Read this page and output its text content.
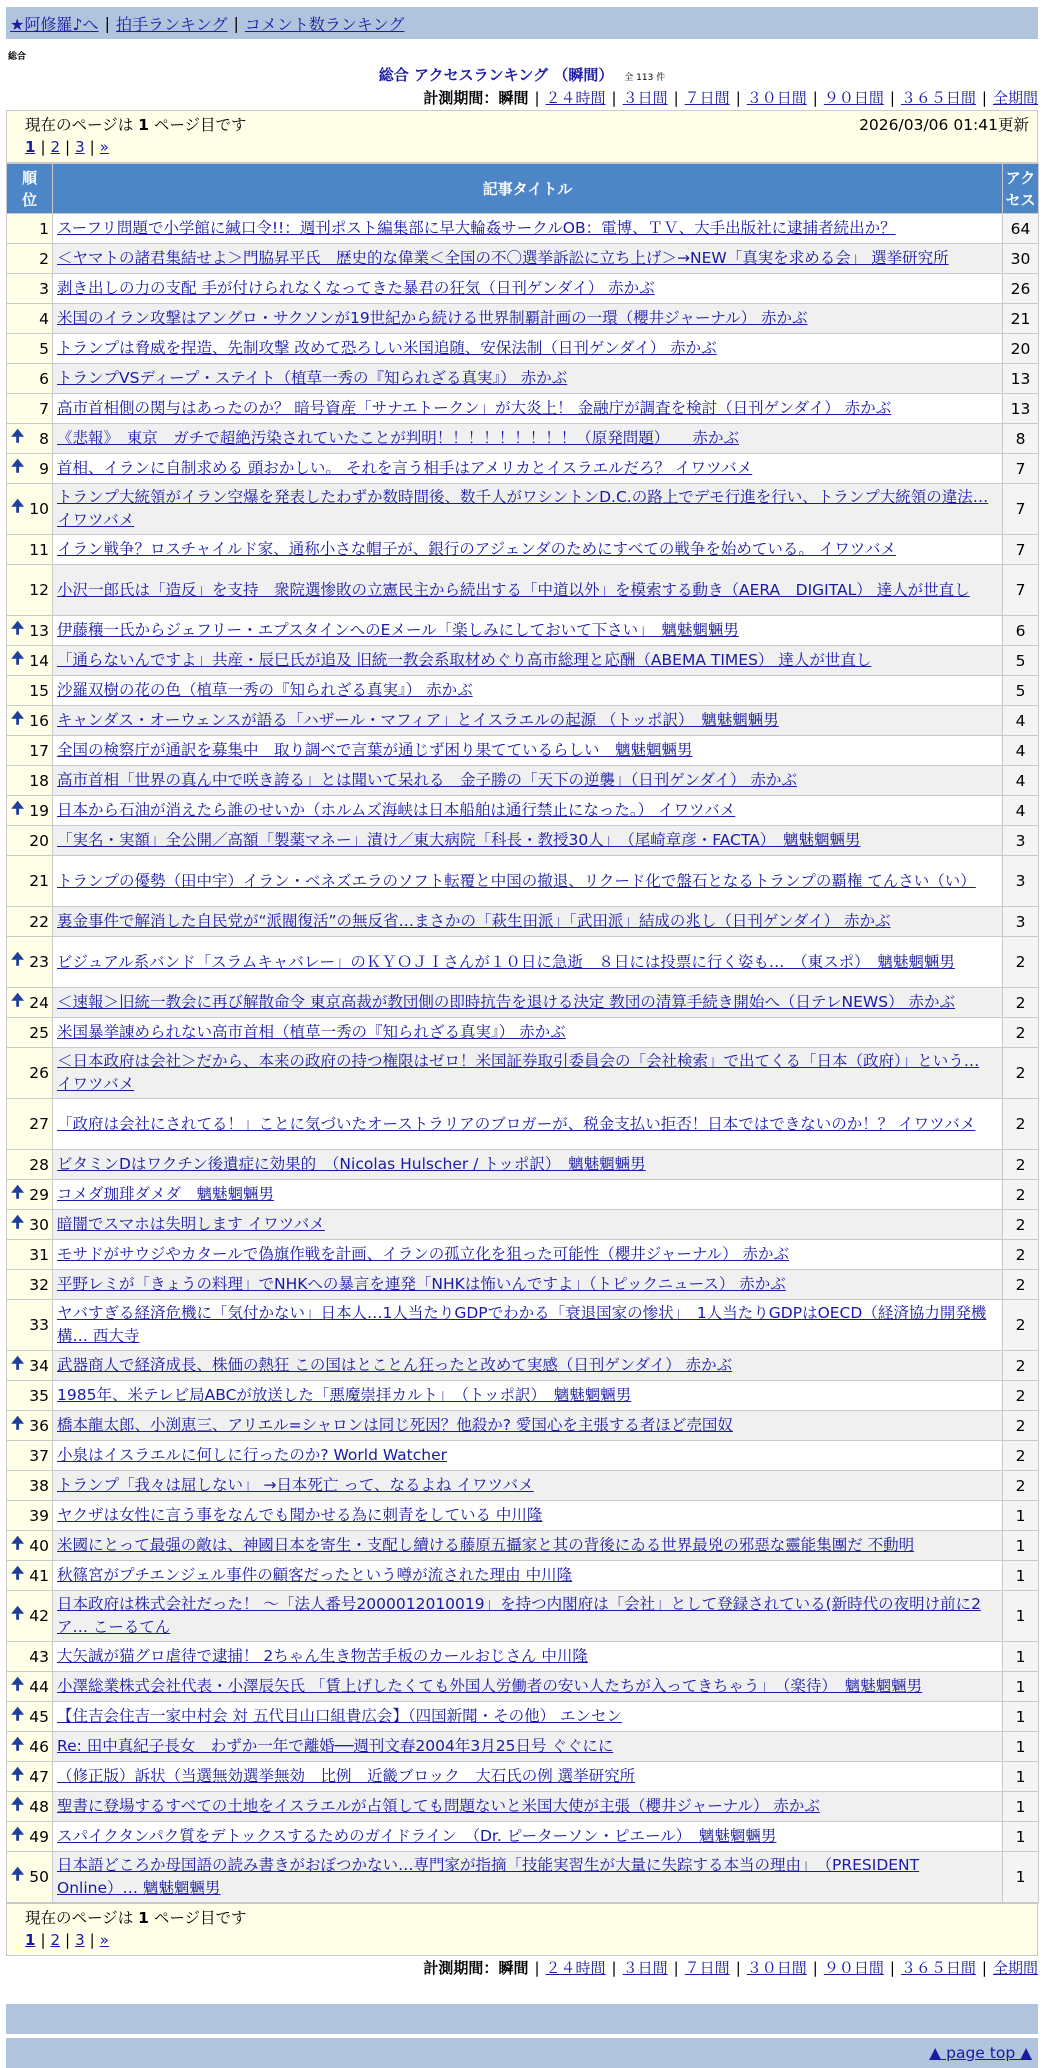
★阿修羅♪へ | 拍手ランキング | コメント数ランキング
総合
総合 アクセスランキング （瞬間） 全 113 件
計測期間：瞬間 | ２４時間 | ３日間 | ７日間 | ３０日間 | ９０日間 | ３６５日間 | 全期間
現在のページは 1 ページ目です	2026/03/06 01:41更新
1 | 2 | 3 | »
順位	記事タイトル	アクセス

1	スーフリ問題で小学館に緘口令!!：週刊ポスト編集部に早大輪姦サークルOB：電博、ＴＶ、大手出版社に逮捕者続出か？	64
2	＜ヤマトの諸君集結せよ＞門脇昇平氏　歴史的な偉業＜全国の不〇選挙訴訟に立ち上げ＞→NEW「真実を求める会」 選挙研究所	30
3	剥き出しの力の支配 手が付けられなくなってきた暴君の狂気（日刊ゲンダイ） 赤かぶ	26
4	米国のイラン攻撃はアングロ・サクソンが19世紀から続ける世界制覇計画の一環（櫻井ジャーナル） 赤かぶ	21
5	トランプは脅威を捏造、先制攻撃 改めて恐ろしい米国追随、安保法制（日刊ゲンダイ） 赤かぶ	20
6	トランプVSディープ・ステイト（植草一秀の『知られざる真実』） 赤かぶ	13
7	高市首相側の関与はあったのか？ 暗号資産「サナエトークン」が大炎上！ 金融庁が調査を検討（日刊ゲンダイ） 赤かぶ	13

🠉 8	《悲報》　東京　ガチで超絶汚染されていたことが判明！！！！！！！！！（原発問題）　　赤かぶ	8

🠉 9	首相、イランに自制求める 頭おかしい。 それを言う相手はアメリカとイスラエルだろ？ イワツバメ	7

🠉 10	トランプ大統領がイラン空爆を発表したわずか数時間後、数千人がワシントンD.C.の路上でデモ行進を行い、トランプ大統領の違法… イワツバメ	7
11	イラン戦争？ロスチャイルド家、通称小さな帽子が、銀行のアジェンダのためにすべての戦争を始めている。 イワツバメ	7
12	小沢一郎氏は「造反」を支持　衆院選惨敗の立憲民主から続出する「中道以外」を模索する動き（AERA　DIGITAL） 達人が世直し	7

🠉 13	伊藤穰一氏からジェフリー・エプスタインへのEメール「楽しみにしておいて下さい」　魑魅魍魎男	6

🠉 14	「通らないんですよ」共産・辰巳氏が追及 旧統一教会系取材めぐり高市総理と応酬（ABEMA TIMES） 達人が世直し	5
15	沙羅双樹の花の色（植草一秀の『知られざる真実』） 赤かぶ	5

🠉 16	キャンダス・オーウェンスが語る「ハザール・マフィア」とイスラエルの起源 （トッポ訳）　魑魅魍魎男	4
17	全国の検察庁が通訳を募集中　取り調べで言葉が通じず困り果てているらしい　魑魅魍魎男	4
18	高市首相「世界の真ん中で咲き誇る」とは聞いて呆れる　金子勝の「天下の逆襲」（日刊ゲンダイ） 赤かぶ	4

🠉 19	日本から石油が消えたら誰のせいか（ホルムズ海峡は日本船舶は通行禁止になった。） イワツバメ	4
20	「実名・実額」全公開／高額「製薬マネー」漬け／東大病院「科長・教授30人」　（尾崎章彦・FACTA）　魑魅魍魎男	3
21	トランプの優勢（田中宇）イラン・ベネズエラのソフト転覆と中国の撤退、リクード化で盤石となるトランプの覇権 てんさい（い）	3
22	裏金事件で解消した自民党が“派閥復活”の無反省…まさかの「萩生田派」「武田派」結成の兆し（日刊ゲンダイ） 赤かぶ	3

🠉 23	ビジュアル系バンド「スラムキャバレー」のＫＹＯＪＩさんが１０日に急逝　８日には投票に行く姿も…　（東スポ）　魑魅魍魎男	2

🠉 24	＜速報＞旧統一教会に再び解散命令 東京高裁が教団側の即時抗告を退ける決定 教団の清算手続き開始へ（日テレNEWS） 赤かぶ	2
25	米国暴挙諌められない高市首相（植草一秀の『知られざる真実』） 赤かぶ	2
26	＜日本政府は会社＞だから、本来の政府の持つ権限はゼロ！米国証券取引委員会の「会社検索」で出てくる「日本（政府）」という… イワツバメ	2
27	「政府は会社にされてる！」ことに気づいたオーストラリアのブロガーが、税金支払い拒否！日本ではできないのか！？ イワツバメ	2
28	ビタミンDはワクチン後遺症に効果的　（Nicolas Hulscher / トッポ訳）　魑魅魍魎男	2

🠉 29	コメダ珈琲ダメダ　魑魅魍魎男	2

🠉 30	暗闇でスマホは失明します イワツバメ	2
31	モサドがサウジやカタールで偽旗作戦を計画、イランの孤立化を狙った可能性（櫻井ジャーナル） 赤かぶ	2
32	平野レミが「きょうの料理」でNHKへの暴言を連発「NHKは怖いんですよ」（トピックニュース） 赤かぶ	2
33	ヤバすぎる経済危機に「気付かない」日本人…1人当たりGDPでわかる「衰退国家の惨状」　1人当たりGDPはOECD（経済協力開発機構… 西大寺	2

🠉 34	武器商人で経済成長、株価の熱狂 この国はとことん狂ったと改めて実感（日刊ゲンダイ） 赤かぶ	2
35	1985年、米テレビ局ABCが放送した「悪魔崇拝カルト」　（トッポ訳）　魑魅魍魎男	2

🠉 36	橋本龍太郎、小渕恵三、アリエル=シャロンは同じ死因？他殺か? 愛国心を主張する者ほど売国奴	2
37	小泉はイスラエルに何しに行ったのか? World Watcher	2
38	トランプ「我々は屈しない」 →日本死亡 って、なるよね イワツバメ	2
39	ヤクザは女性に言う事をなんでも聞かせる為に刺青をしている 中川隆	1

🠉 40	米國にとって最强の敵は、神國日本を寄生・支配し續ける藤原五攝家と其の背後にゐる世界最兇の邪惡な靈能集團だ 不動明	1

🠉 41	秋篠宮がプチエンジェル事件の顧客だったという噂が流された理由 中川隆	1

🠉 42	日本政府は株式会社だった！ ～「法人番号2000012010019」を持つ内閣府は「会社」として登録されている(新時代の夜明け前に2ア… こーるてん	1
43	大矢誠が猫グロ虐待で逮捕！ 2ちゃん生き物苦手板のカールおじさん 中川隆	1

🠉 44	小澤総業株式会社代表・小澤辰矢氏 「賃上げしたくても外国人労働者の安い人たちが入ってきちゃう」　（楽待）　魑魅魍魎男	1

🠉 45	【住吉会住吉一家中村会 対 五代目山口組貴広会】（四国新聞・その他） エンセン	1

🠉 46	Re: 田中真紀子長女　わずか一年で離婚──週刊文春2004年3月25日号 ぐぐにに	1

🠉 47	（修正版）訴状（当選無効選挙無効　比例　近畿ブロック　大石氏の例 選挙研究所	1

🠉 48	聖書に登場するすべての土地をイスラエルが占領しても問題ないと米国大使が主張（櫻井ジャーナル） 赤かぶ	1

🠉 49	スパイクタンパク質をデトックスするためのガイドライン　（Dr. ピーターソン・ピエール）　魑魅魍魎男	1

🠉 50	日本語どころか母国語の読み書きがおぼつかない…専門家が指摘「技能実習生が大量に失踪する本当の理由」　（PRESIDENT Online）… 魑魅魍魎男	1
現在のページは 1 ページ目です
1 | 2 | 3 | »
計測期間：瞬間 | ２４時間 | ３日間 | ７日間 | ３０日間 | ９０日間 | ３６５日間 | 全期間
▲ page top ▲
